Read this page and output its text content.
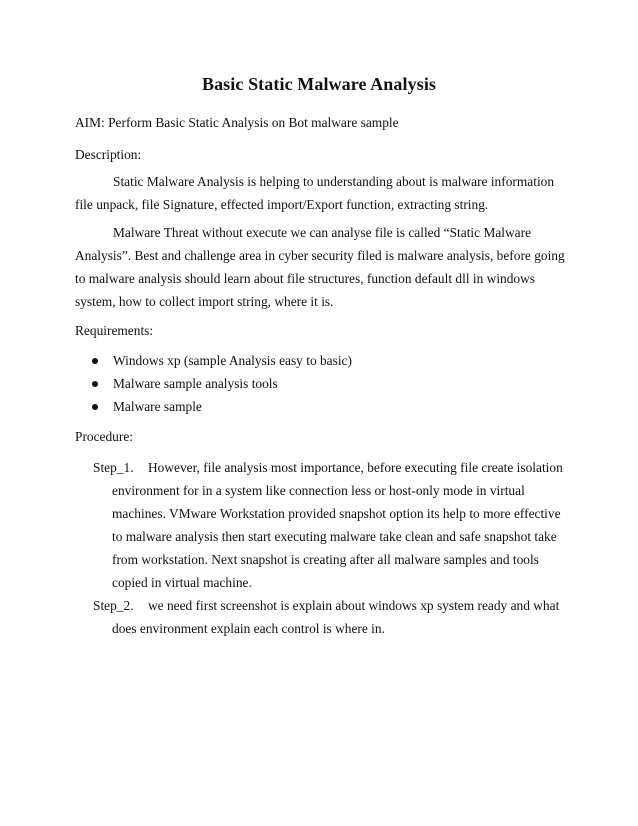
Basic Static Malware Analysis
AIM: Perform Basic Static Analysis on Bot malware sample
Description:
Static Malware Analysis is helping to understanding about is malware information
file unpack, file Signature, effected import/Export function, extracting string.
Malware Threat without execute we can analyse file is called “Static Malware
Analysis”. Best and challenge area in cyber security filed is malware analysis, before going
to malware analysis should learn about file structures, function default dll in windows
system, how to collect import string, where it is.
Requirements:
Windows xp (sample Analysis easy to basic)
Malware sample analysis tools
Malware sample
Procedure:
Step_1. However, file analysis most importance, before executing file create isolation
environment for in a system like connection less or host-only mode in virtual
machines. VMware Workstation provided snapshot option its help to more effective
to malware analysis then start executing malware take clean and safe snapshot take
from workstation. Next snapshot is creating after all malware samples and tools
copied in virtual machine.
Step_2. we need first screenshot is explain about windows xp system ready and what
does environment explain each control is where in.
